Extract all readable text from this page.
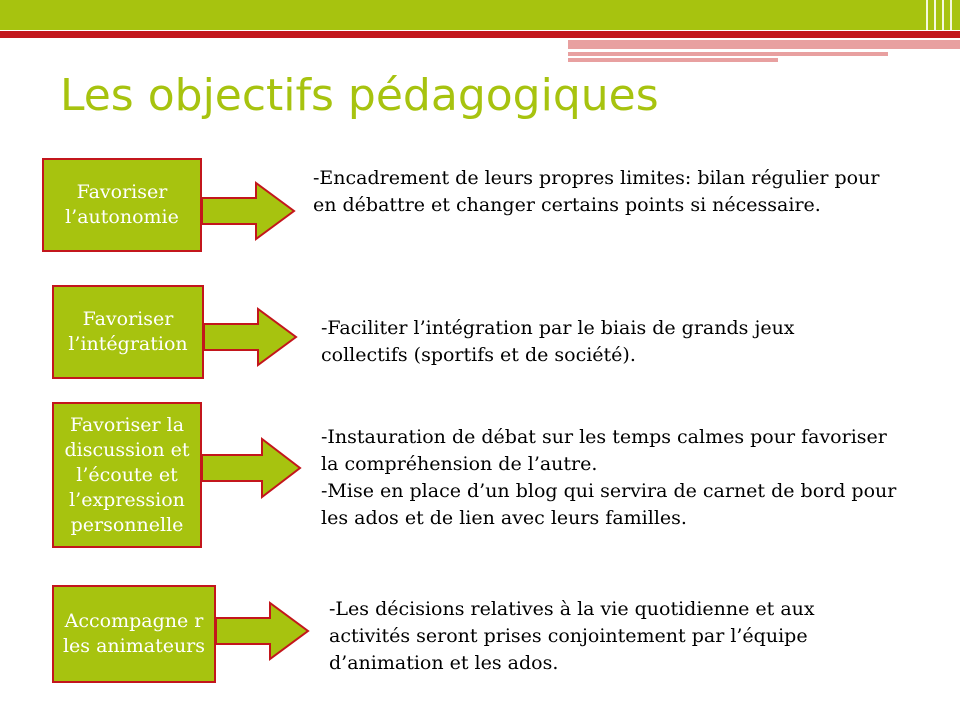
Les objectifs pédagogiques
Favoriser l’autonomie

-Encadrement de leurs propres limites: bilan régulier pour en débattre et changer certains points si nécessaire.

Favoriser l’intégration

-Faciliter l’intégration par le biais de grands jeux collectifs (sportifs et de société).

Favoriser la discussion et l’écoute et l’expression personnelle

-Instauration de débat sur les temps calmes pour favoriser la compréhension de l’autre.

-Mise en place d’un blog qui servira de carnet de bord pour les ados et de lien avec leurs familles.

Accompagne r les animateurs

-Les décisions relatives à la vie quotidienne et aux activités seront prises conjointement par l’équipe d’animation et les ados.
